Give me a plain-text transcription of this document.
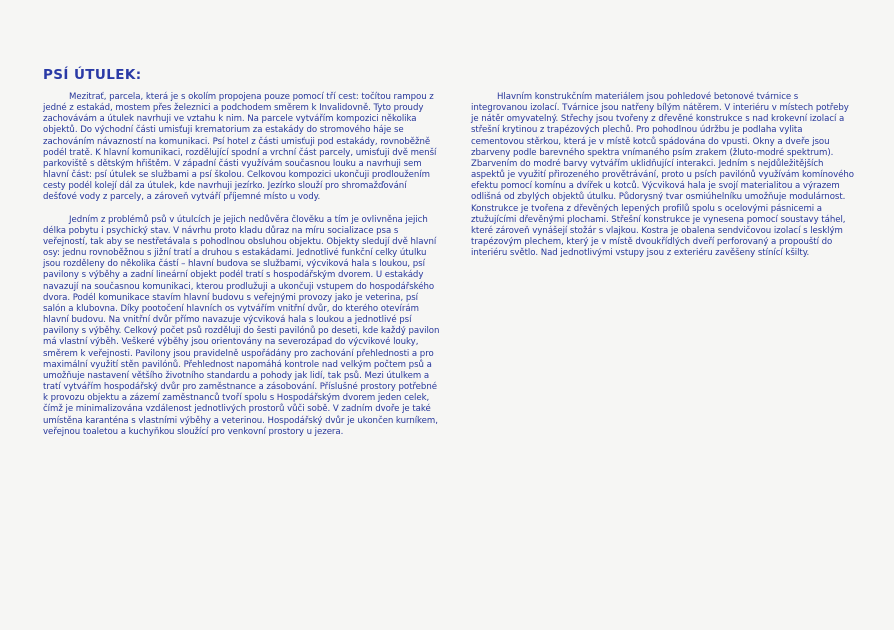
PSÍ ÚTULEK:

Mezitrať, parcela, která je s okolím propojena pouze pomocí tří cest: točítou rampou z jedné z estakád, mostem přes železnici a podchodem směrem k Invalidovně. Tyto proudy zachovávám a útulek navrhuji ve vztahu k nim. Na parcele vytvářím kompozici několika objektů. Do východní části umisťuji krematorium za estakády do stromového háje se zachováním návazností na komunikaci. Psí hotel z části umisťuji pod estakády, rovnoběžně podél tratě. K hlavní komunikaci, rozdělující spodní a vrchní část parcely, umisťuji dvě menší parkoviště s dětským hřištěm. V západní části využívám současnou louku a navrhuji sem hlavní část: psí útulek se službami a psí školou. Celkovou kompozici ukončuji prodloužením cesty podél kolejí dál za útulek, kde navrhuji jezírko. Jezírko slouží pro shromažďování dešťové vody z parcely, a zároveň vytváří příjemné místo u vody.

Jedním z problémů psů v útulcích je jejich nedůvěra člověku a tím je ovlivněna jejich délka pobytu i psychický stav. V návrhu proto kladu důraz na míru socializace psa s veřejností, tak aby se nestřetávala s pohodlnou obsluhou objektu. Objekty sledují dvě hlavní osy: jednu rovnoběžnou s jižní tratí a druhou s estakádami. Jednotlivé funkční celky útulku jsou rozděleny do několika částí – hlavní budova se službami, výcviková hala s loukou, psí pavilony s výběhy a zadní lineární objekt podél tratí s hospodářským dvorem. U estakády navazují na současnou komunikaci, kterou prodlužuji a ukončuji vstupem do hospodářského dvora. Podél komunikace stavím hlavní budovu s veřejnými provozy jako je veterina, psí salón a klubovna. Díky pootočení hlavních os vytvářím vnitřní dvůr, do kterého otevírám hlavní budovu. Na vnitřní dvůr přímo navazuje výcviková hala s loukou a jednotlivé psí pavilony s výběhy. Celkový počet psů rozděluji do šesti pavilónů po deseti, kde každý pavilon má vlastní výběh. Veškeré výběhy jsou orientovány na severozápad do výcvikové louky, směrem k veřejnosti. Pavilony jsou pravidelně uspořádány pro zachování přehlednosti a pro maximální využití stěn pavilónů. Přehlednost napomáhá kontrole nad velkým počtem psů a umožňuje nastavení většího životního standardu a pohody jak lidí, tak psů. Mezi útulkem a tratí vytvářím hospodářský dvůr pro zaměstnance a zásobování. Příslušné prostory potřebné k provozu objektu a zázemí zaměstnanců tvoří spolu s Hospodářským dvorem jeden celek, čímž je minimalizována vzdálenost jednotlivých prostorů vůči sobě. V zadním dvoře je také umístěna karanténa s vlastními výběhy a veterinou. Hospodářský dvůr je ukončen kurníkem, veřejnou toaletou a kuchyňkou sloužící pro venkovní prostory u jezera.

Hlavním konstrukčním materiálem jsou pohledové betonové tvárnice s integrovanou izolací. Tvárnice jsou natřeny bílým nátěrem. V interiéru v místech potřeby je nátěr omyvatelný. Střechy jsou tvořeny z dřevěné konstrukce s nad krokevní izolací a střešní krytinou z trapézových plechů. Pro pohodlnou údržbu je podlaha vylita cementovou stěrkou, která je v místě kotců spádována do vpusti. Okny a dveře jsou zbarveny podle barevného spektra vnímaného psím zrakem (žluto-modré spektrum). Zbarvením do modré barvy vytvářím uklidňující interakci. Jedním s nejdůležitějších aspektů je využití přirozeného provětrávání, proto u psích pavilónů využívám komínového efektu pomocí komínu a dvířek u kotců. Výcviková hala je svojí materialitou a výrazem odlišná od zbylých objektů útulku. Půdorysný tvar osmiúhelníku umožňuje modulárnost. Konstrukce je tvořena z dřevěných lepených profilů spolu s ocelovými pásnicemi a ztužujícími dřevěnými plochami. Střešní konstrukce je vynesena pomocí soustavy táhel, které zároveň vynášejí stožár s vlajkou. Kostra je obalena sendvičovou izolací s lesklým trapézovým plechem, který je v místě dvoukřídlých dveří perforovaný a propouští do interiéru světlo. Nad jednotlivými vstupy jsou z exteriéru zavěšeny stínící kšilty.
